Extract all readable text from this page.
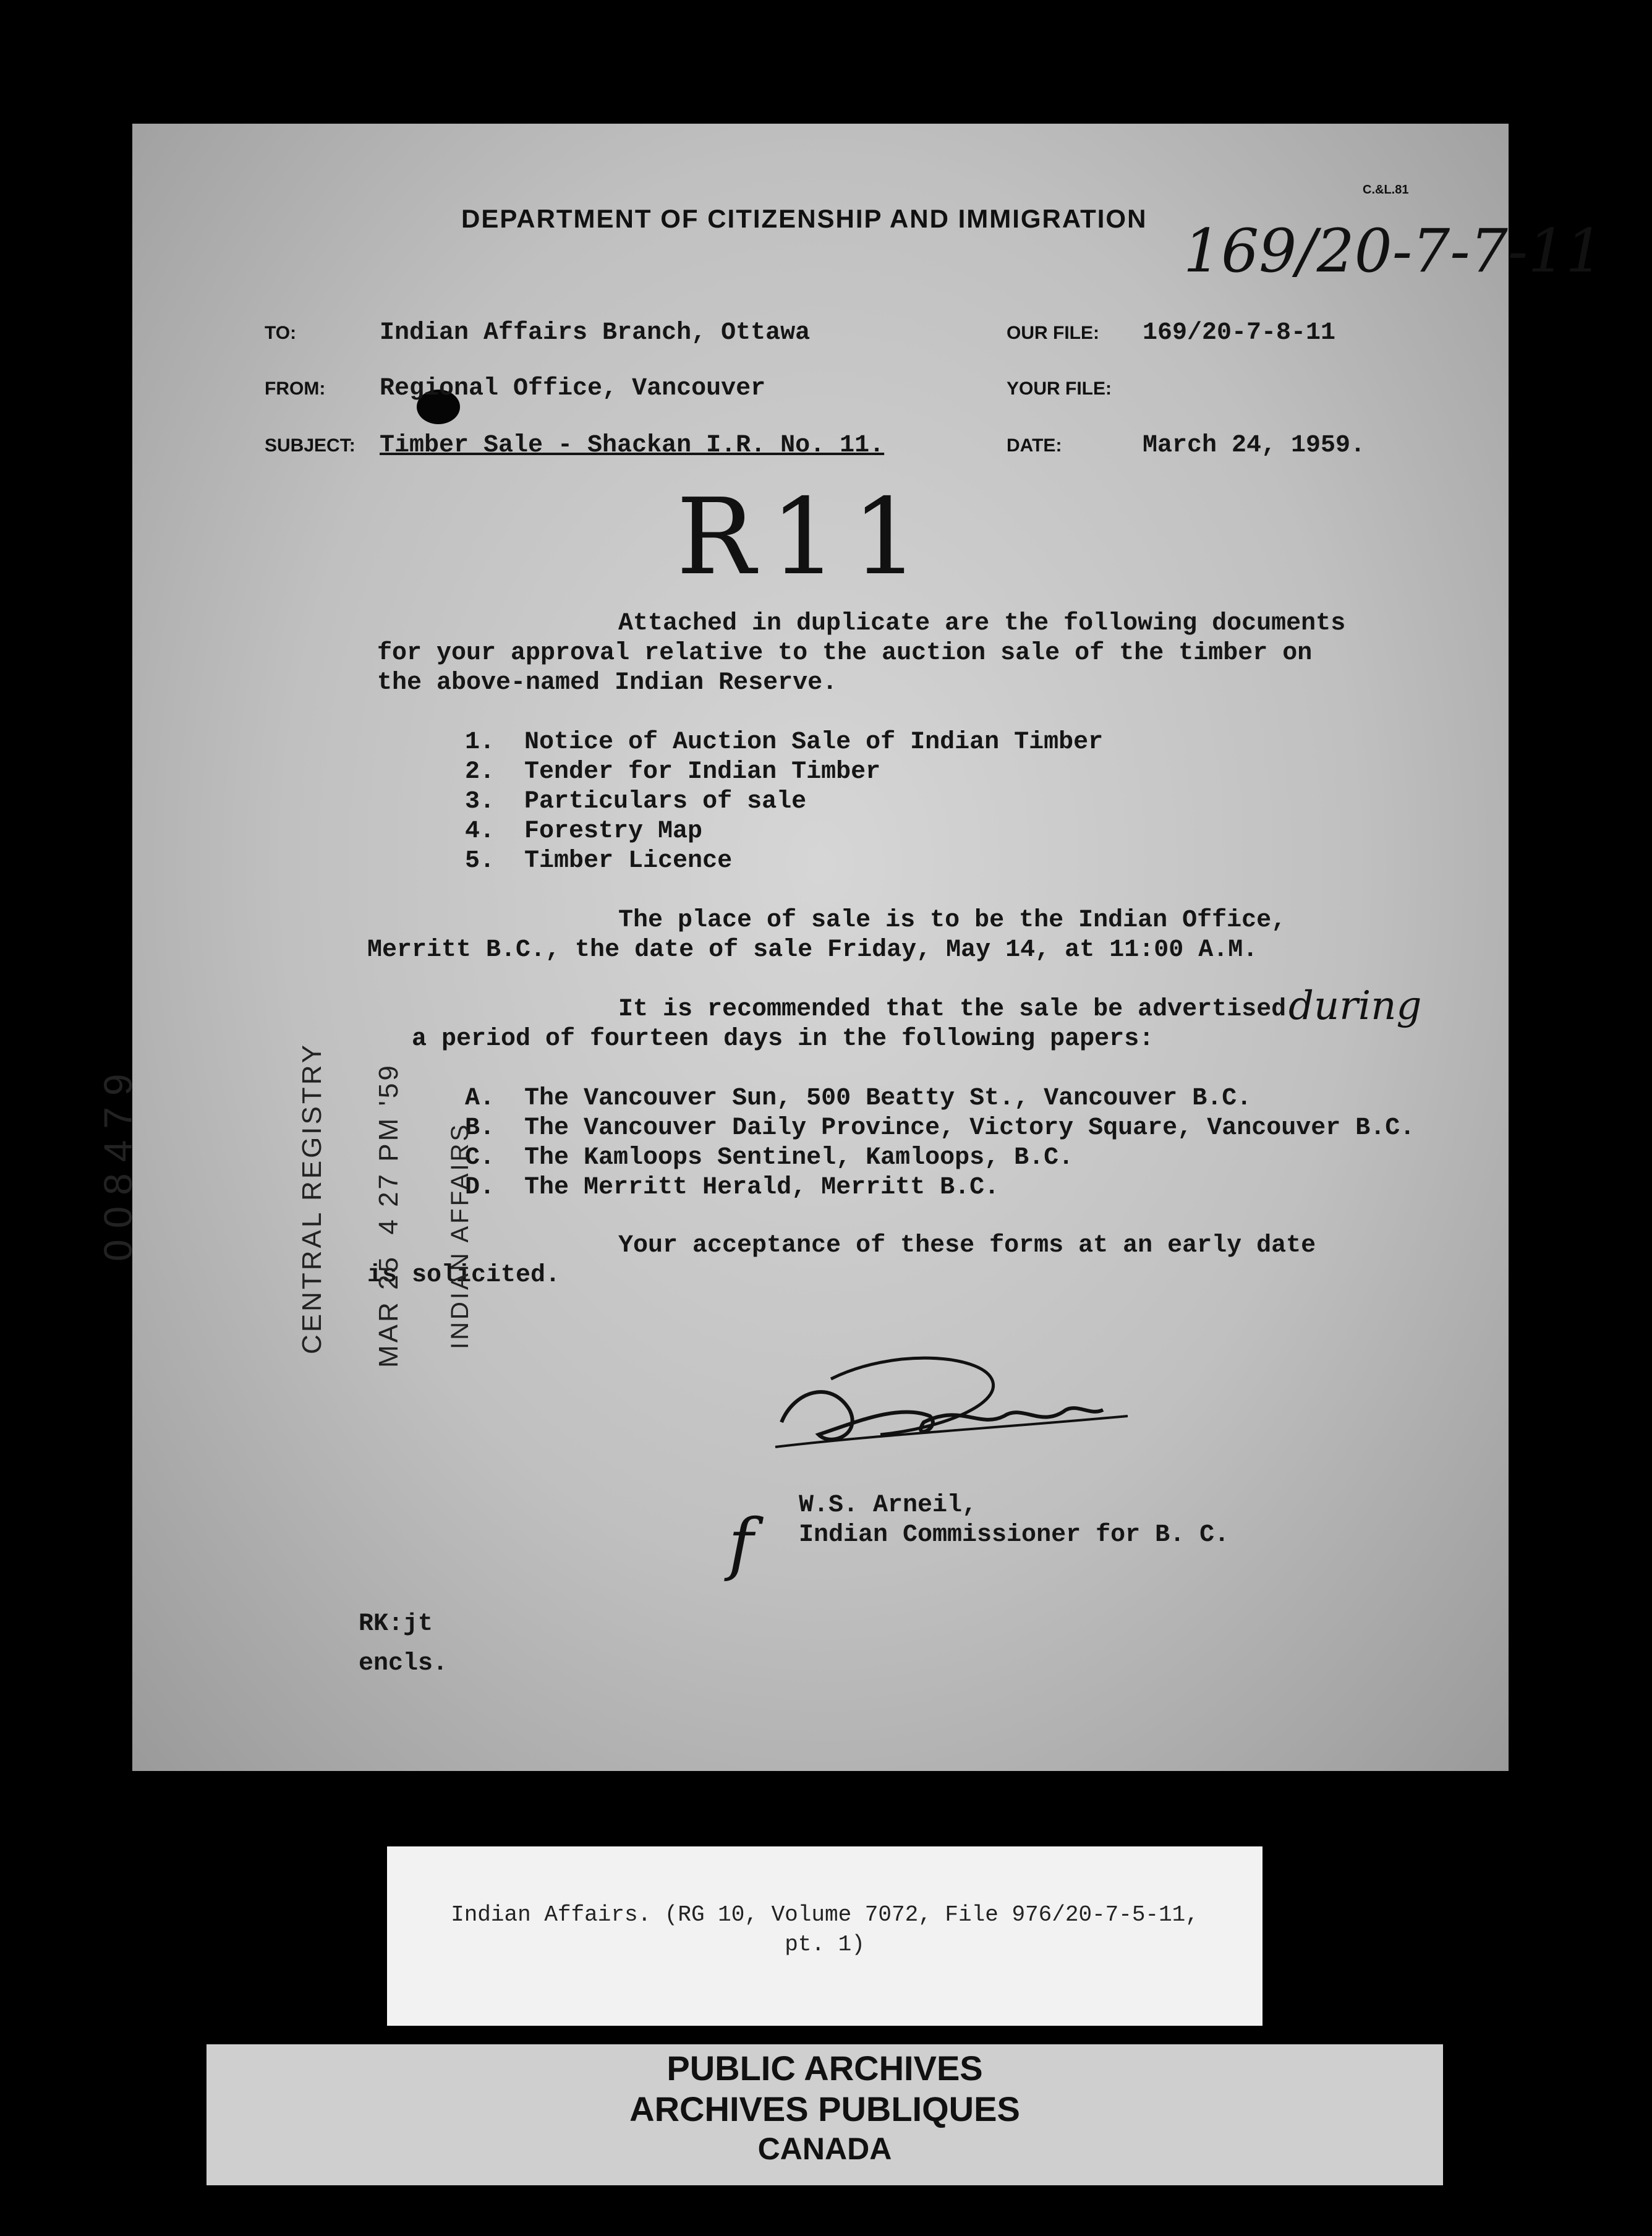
C.&L.81
DEPARTMENT OF CITIZENSHIP AND IMMIGRATION 169/20-7-7-11
TO:	Indian Affairs Branch, Ottawa
FROM: Regional Office, Vancouver
SUBJECT: Timber Sale - Shackan I.R. No. 11.
OUR FILE: 169/20-7-8-11
YOUR FILE:
DATE:	March 24, 1959.
R11
Attached in duplicate are the following documents
for your approval relative to the auction sale of the timber on
the above-named Indian Reserve.
1.  Notice of Auction Sale of Indian Timber
2.  Tender for Indian Timber
3.  Particulars of sale
4.  Forestry Map
5.  Timber Licence
The place of sale is to be the Indian Office,
Merritt B.C., the date of sale Friday, May 14, at 11:00 A.M.
It is recommended that the sale be advertised during
a period of fourteen days in the following papers:
A.  The Vancouver Sun, 500 Beatty St., Vancouver B.C.
B.  The Vancouver Daily Province, Victory Square, Vancouver B.C.
C.  The Kamloops Sentinel, Kamloops, B.C.
D.  The Merritt Herald, Merritt B.C.
Your acceptance of these forms at an early date
is solicited.
W.S. Arneil,
Indian Commissioner for B. C.
f
RK:jt
encls.
008479	CENTRAL REGISTRY MAR 25  4 27 PM '59 INDIAN AFFAIRS
Indian Affairs. (RG 10, Volume 7072, File 976/20-7-5-11,
pt. 1)
PUBLIC ARCHIVES
ARCHIVES PUBLIQUES
CANADA
